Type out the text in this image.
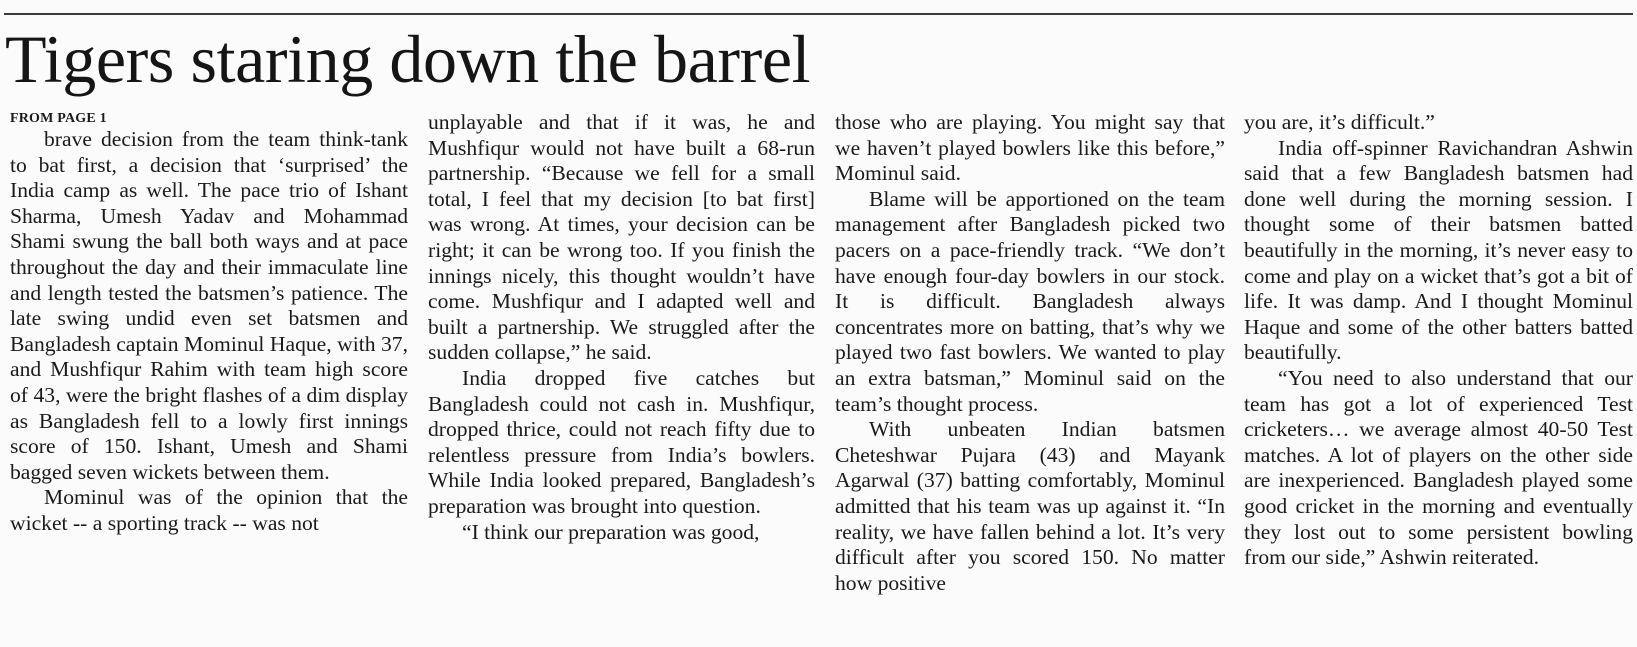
Tigers staring down the barrel
FROM PAGE 1

brave decision from the team think-tank to bat first, a decision that ‘surprised’ the India camp as well. The pace trio of Ishant Sharma, Umesh Yadav and Mohammad Shami swung the ball both ways and at pace throughout the day and their immaculate line and length tested the batsmen’s patience. The late swing undid even set batsmen and Bangladesh captain Mominul Haque, with 37, and Mushfiqur Rahim with team high score of 43, were the bright flashes of a dim display as Bangladesh fell to a lowly first innings score of 150. Ishant, Umesh and Shami bagged seven wickets between them.

Mominul was of the opinion that the wicket -- a sporting track -- was not

unplayable and that if it was, he and Mushfiqur would not have built a 68-run partnership. “Because we fell for a small total, I feel that my decision [to bat first] was wrong. At times, your decision can be right; it can be wrong too. If you finish the innings nicely, this thought wouldn’t have come. Mushfiqur and I adapted well and built a partnership. We struggled after the sudden collapse,” he said.

India dropped five catches but Bangladesh could not cash in. Mushfiqur, dropped thrice, could not reach fifty due to relentless pressure from India’s bowlers. While India looked prepared, Bangladesh’s preparation was brought into question.

“I think our preparation was good,

those who are playing. You might say that we haven’t played bowlers like this before,” Mominul said.

Blame will be apportioned on the team management after Bangladesh picked two pacers on a pace-friendly track. “We don’t have enough four-day bowlers in our stock. It is difficult. Bangladesh always concentrates more on batting, that’s why we played two fast bowlers. We wanted to play an extra batsman,” Mominul said on the team’s thought process.

With unbeaten Indian batsmen Cheteshwar Pujara (43) and Mayank Agarwal (37) batting comfortably, Mominul admitted that his team was up against it. “In reality, we have fallen behind a lot. It’s very difficult after you scored 150. No matter how positive

you are, it’s difficult.”

India off-spinner Ravichandran Ashwin said that a few Bangladesh batsmen had done well during the morning session. I thought some of their batsmen batted beautifully in the morning, it’s never easy to come and play on a wicket that’s got a bit of life. It was damp. And I thought Mominul Haque and some of the other batters batted beautifully.

“You need to also understand that our team has got a lot of experienced Test cricketers… we average almost 40-50 Test matches. A lot of players on the other side are inexperienced. Bangladesh played some good cricket in the morning and eventually they lost out to some persistent bowling from our side,” Ashwin reiterated.
